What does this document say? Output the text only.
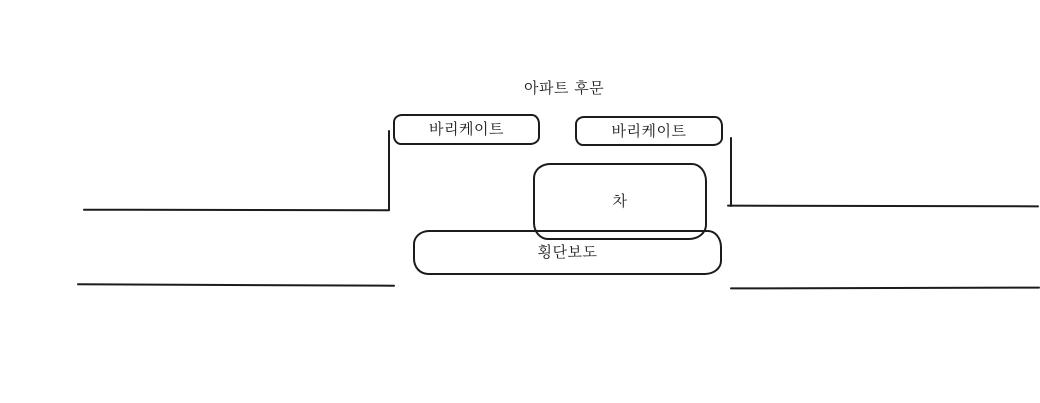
아파트 후문
바리케이트	바리케이트
차
횡단보도
